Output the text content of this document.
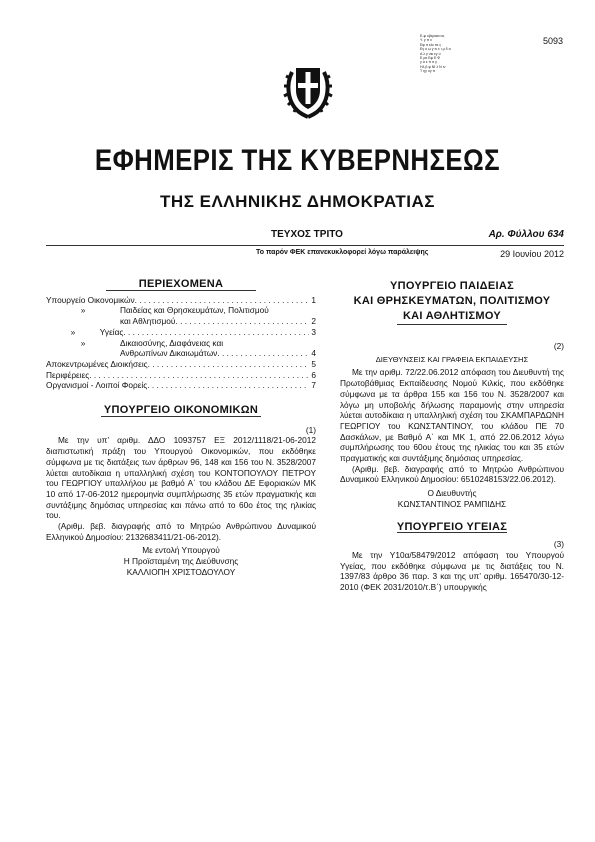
5093
Ε-φ υβεραια ας
Υ. γ π ιι
Εφ ιτ ελε τα ς
Εγ κ ω γ ιν ε ι μ δ α
Α λ γ νικ εγ υ
Ε ρκ Εφ Ε Φ
γ α ε π ιτ γ
Ηλ β φ ΝΙ λ Ν ιν
Τ ηγ υγ π
ΕΦΗΜΕΡΙΣ ΤΗΣ ΚΥΒΕΡΝΗΣΕΩΣ
ΤΗΣ ΕΛΛΗΝΙΚΗΣ ΔΗΜΟΚΡΑΤΙΑΣ
ΤΕΥΧΟΣ ΤΡΙΤΟ	Αρ. Φύλλου 634
Το παρόν ΦΕΚ επανεκυκλοφορεί λόγω παράλειψης	29 Ιουνίου 2012
ΠΕΡΙΕΧΟΜΕΝΑ
Υπουργείο Οικονομικών . . .	1
»	Παιδείας και Θρησκευμάτων, Πολιτισμού
και Αθλητισμού . . .	2
»	Υγείας . . .	3
»	Δικαιοσύνης, Διαφάνειας και
Ανθρωπίνων Δικαιωμάτων . . .	4
Αποκεντρωμένες Διοικήσεις . . .	5
Περιφέρειες . . .	6
Οργανισμοί - Λοιποί Φορείς . . .	7
ΥΠΟΥΡΓΕΙΟ ΟΙΚΟΝΟΜΙΚΩΝ
(1)
Με την υπ’ αριθμ. ΔΔΟ 1093757 ΕΞ 2012/1118/21-06-2012 διαπιστωτική πράξη του Υπουργού Οικονομικών, που εκδόθηκε σύμφωνα με τις διατάξεις των άρθρων 96, 148 και 156 του Ν. 3528/2007 λύεται αυτοδίκαια η υπαλληλική σχέση του ΚΟΝΤΟΠΟΥΛΟΥ ΠΕΤΡΟΥ του ΓΕΩΡΓΙΟΥ υπαλλήλου με βαθμό Α΄ του κλάδου ΔΕ Εφοριακών ΜΚ 10 από 17-06-2012 ημερομηνία συμπλήρωσης 35 ετών πραγματικής και συντάξιμης δημόσιας υπηρεσίας και πάνω από το 60ο έτος της ηλικίας του.
(Αριθμ. βεβ. διαγραφής από το Μητρώο Ανθρώπινου Δυναμικού Ελληνικού Δημοσίου: 2132683411/21-06-2012).
Με εντολή Υπουργού
Η Προϊσταμένη της Διεύθυνσης
ΚΑΛΛΙΟΠΗ ΧΡΙΣΤΟΔΟΥΛΟΥ
ΥΠΟΥΡΓΕΙΟ ΠΑΙΔΕΙΑΣ
ΚΑΙ ΘΡΗΣΚΕΥΜΑΤΩΝ, ΠΟΛΙΤΙΣΜΟΥ
ΚΑΙ ΑΘΛΗΤΙΣΜΟΥ
(2)
ΔΙΕΥΘΥΝΣΕΙΣ ΚΑΙ ΓΡΑΦΕΙΑ ΕΚΠΑΙΔΕΥΣΗΣ
Με την αριθμ. 72/22.06.2012 απόφαση του Διευθυντή της Πρωτοβάθμιας Εκπαίδευσης Νομού Κιλκίς, που εκδόθηκε σύμφωνα με τα άρθρα 155 και 156 του Ν. 3528/2007 και λόγω μη υποβολής δήλωσης παραμονής στην υπηρεσία λύεται αυτοδίκαια η υπαλληλική σχέση του ΣΚΑΜΠΑΡΔΩΝΗ ΓΕΩΡΓΙΟΥ του ΚΩΝΣΤΑΝΤΙΝΟΥ, του κλάδου ΠΕ 70 Δασκάλων, με Βαθμό Α΄ και ΜΚ 1, από 22.06.2012 λόγω συμπλήρωσης του 60ου έτους της ηλικίας του και 35 ετών πραγματικής και συντάξιμης δημόσιας υπηρεσίας.
(Αριθμ. βεβ. διαγραφής από το Μητρώο Ανθρώπινου Δυναμικού Ελληνικού Δημοσίου: 6510248153/22.06.2012).
Ο Διευθυντής
ΚΩΝΣΤΑΝΤΙΝΟΣ ΡΑΜΠΙΔΗΣ
ΥΠΟΥΡΓΕΙΟ ΥΓΕΙΑΣ
(3)
Με την Υ10α/58479/2012 απόφαση του Υπουργού Υγείας, που εκδόθηκε σύμφωνα με τις διατάξεις του Ν. 1397/83 άρθρο 36 παρ. 3 και της υπ’ αριθμ. 165470/30-12-2010 (ΦΕΚ 2031/2010/τ.Β΄) υπουργικής
